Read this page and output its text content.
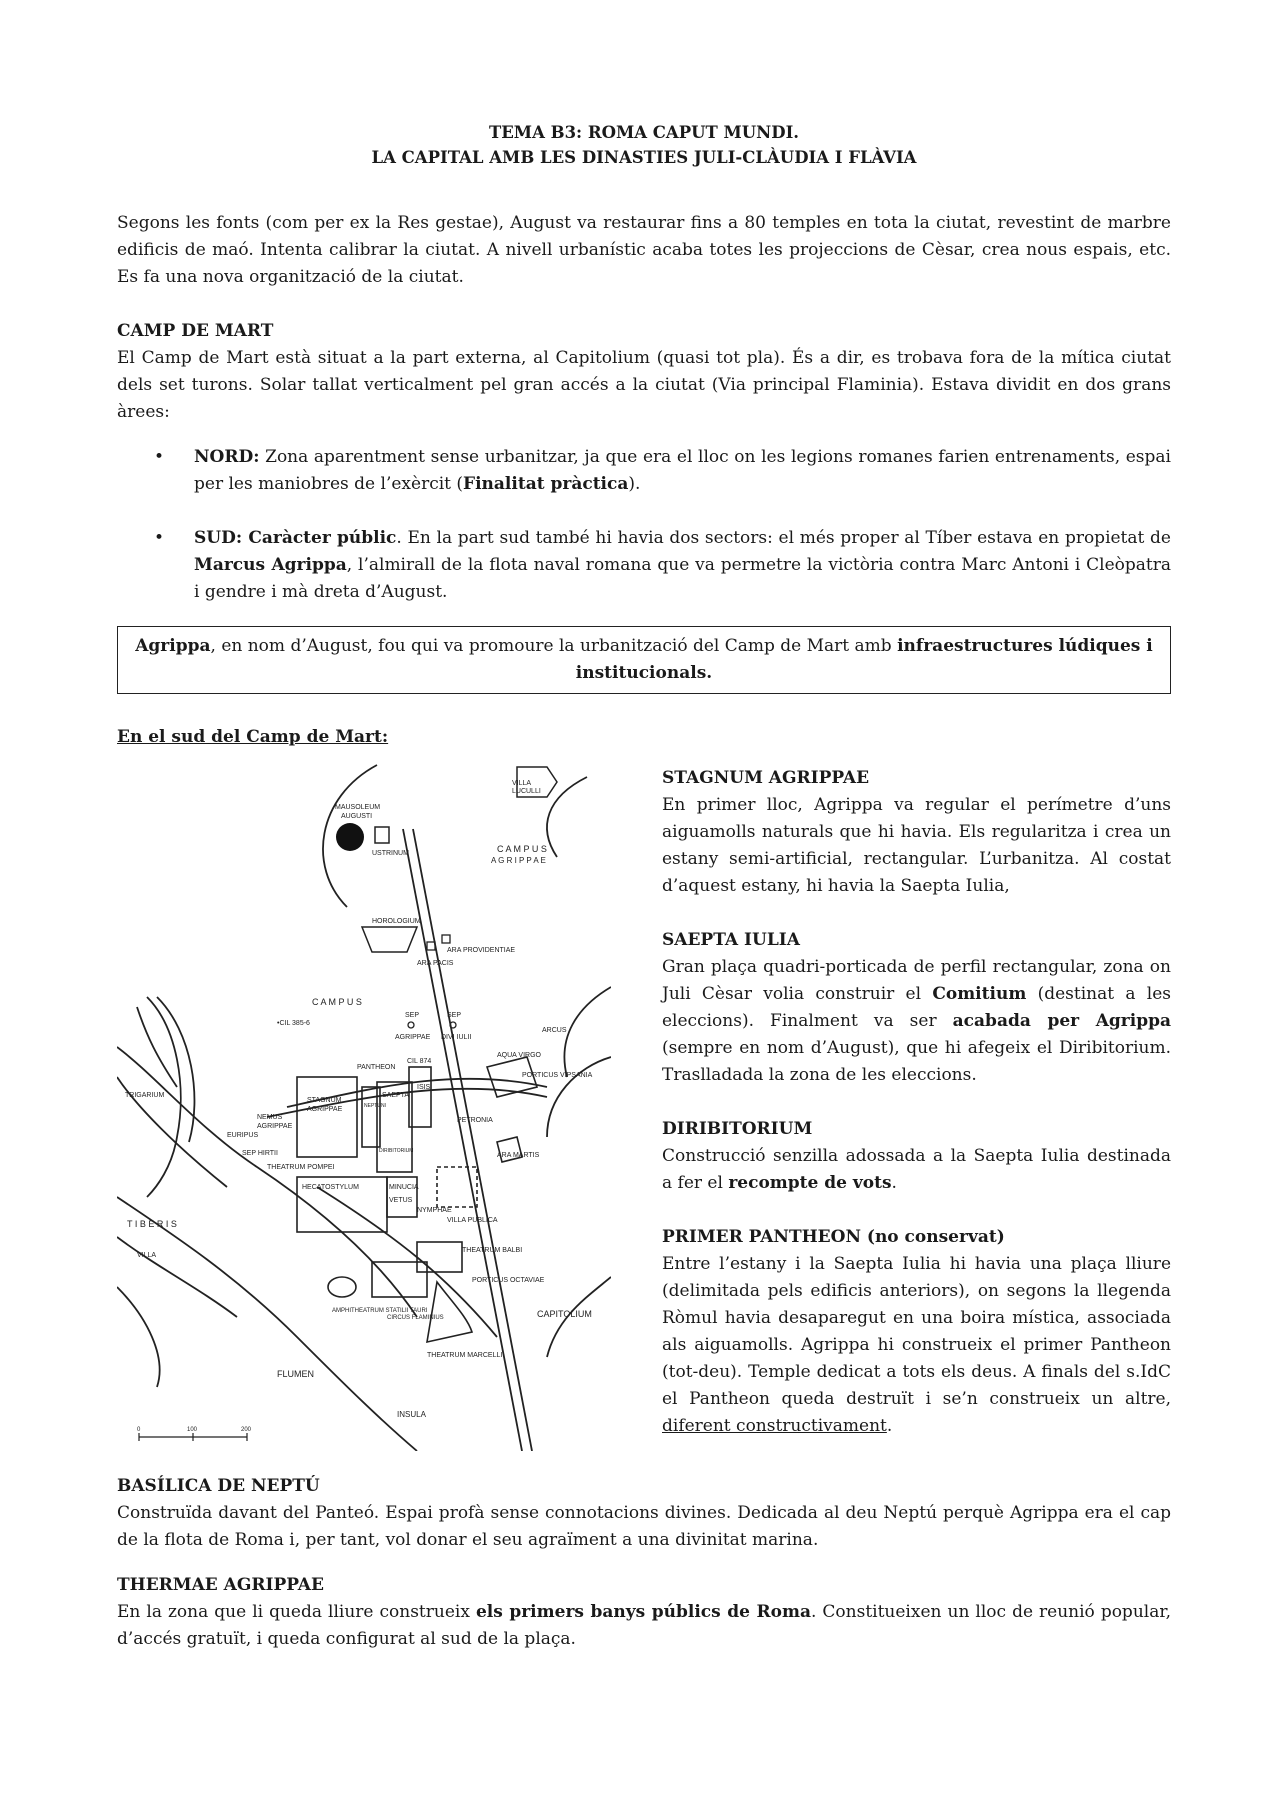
TEMA B3: ROMA CAPUT MUNDI.

LA CAPITAL AMB LES DINASTIES JULI-CLÀUDIA I FLÀVIA

Segons les fonts (com per ex la Res gestae), August va restaurar fins a 80 temples en tota la ciutat, revestint de marbre edificis de maó. Intenta calibrar la ciutat. A nivell urbanístic acaba totes les projeccions de Cèsar, crea nous espais, etc. Es fa una nova organització de la ciutat.

CAMP DE MART

El Camp de Mart està situat a la part externa, al Capitolium (quasi tot pla). És a dir, es trobava fora de la mítica ciutat dels set turons. Solar tallat verticalment pel gran accés a la ciutat (Via principal Flaminia). Estava dividit en dos grans àrees:

• NORD: Zona aparentment sense urbanitzar, ja que era el lloc on les legions romanes farien entrenaments, espai per les maniobres de l’exèrcit (Finalitat pràctica).
• SUD: Caràcter públic. En la part sud també hi havia dos sectors: el més proper al Tíber estava en propietat de Marcus Agrippa, l’almirall de la flota naval romana que va permetre la victòria contra Marc Antoni i Cleòpatra i gendre i mà dreta d’August.
Agrippa, en nom d’August, fou qui va promoure la urbanització del Camp de Mart amb infraestructures lúdiques i institucionals.

En el sud del Camp de Mart:

MAUSOLEUM
AUGUSTI
USTRINUM
VILLA
LUCULLI
C A M P U S
A G R I P P A E
HOROLOGIUM
ARA PACIS
ARA PROVIDENTIAE
C A M P U S
•CIL 385-6
SEP
AGRIPPAE
SEP
DIVI IULII
AQUA VIRGO
ARCUS
PORTICUS VIPSANIA
PANTHEON
CIL 874
ISIS
STAGNUM
AGRIPPAE
SAEPTA
NEPTUNI
DIRIBITORIUM
PETRONIA
NEMUS
AGRIPPAE
EURIPUS
SEP HIRTII	ARA MARTIS
VILLA PUBLICA
T I B E R I S
THEATRUM POMPEI
HECATOSTYLUM	MINUCIA
VETUS
NYMPHAE
THEATRUM BALBI
VILLA
PORTICUS OCTAVIAE
CAPITOLIUM
AMPHITHEATRUM STATILII TAURI
CIRCUS FLAMINIUS
THEATRUM MARCELLI
FLUMEN
INSULA
TRIGARIUM
0	100	200

STAGNUM AGRIPPAE

En primer lloc, Agrippa va regular el perímetre d’uns aiguamolls naturals que hi havia. Els regularitza i crea un estany semi-artificial, rectangular. L’urbanitza. Al costat d’aquest estany, hi havia la Saepta Iulia,

SAEPTA IULIA

Gran plaça quadri-porticada de perfil rectangular, zona on Juli Cèsar volia construir el Comitium (destinat a les eleccions). Finalment va ser acabada per Agrippa (sempre en nom d’August), que hi afegeix el Diribitorium. Traslladada la zona de les eleccions.

DIRIBITORIUM

Construcció senzilla adossada a la Saepta Iulia destinada a fer el recompte de vots.

PRIMER PANTHEON (no conservat)

Entre l’estany i la Saepta Iulia hi havia una plaça lliure (delimitada pels edificis anteriors), on segons la llegenda Ròmul havia desaparegut en una boira mística, associada als aiguamolls. Agrippa hi construeix el primer Pantheon (tot-deu). Temple dedicat a tots els deus. A finals del s.IdC el Pantheon queda destruït i se’n construeix un altre, diferent constructivament.

BASÍLICA DE NEPTÚ

Construïda davant del Panteó. Espai profà sense connotacions divines. Dedicada al deu Neptú perquè Agrippa era el cap de la flota de Roma i, per tant, vol donar el seu agraïment a una divinitat marina.

THERMAE AGRIPPAE

En la zona que li queda lliure construeix els primers banys públics de Roma. Constitueixen un lloc de reunió popular, d’accés gratuït, i queda configurat al sud de la plaça.
